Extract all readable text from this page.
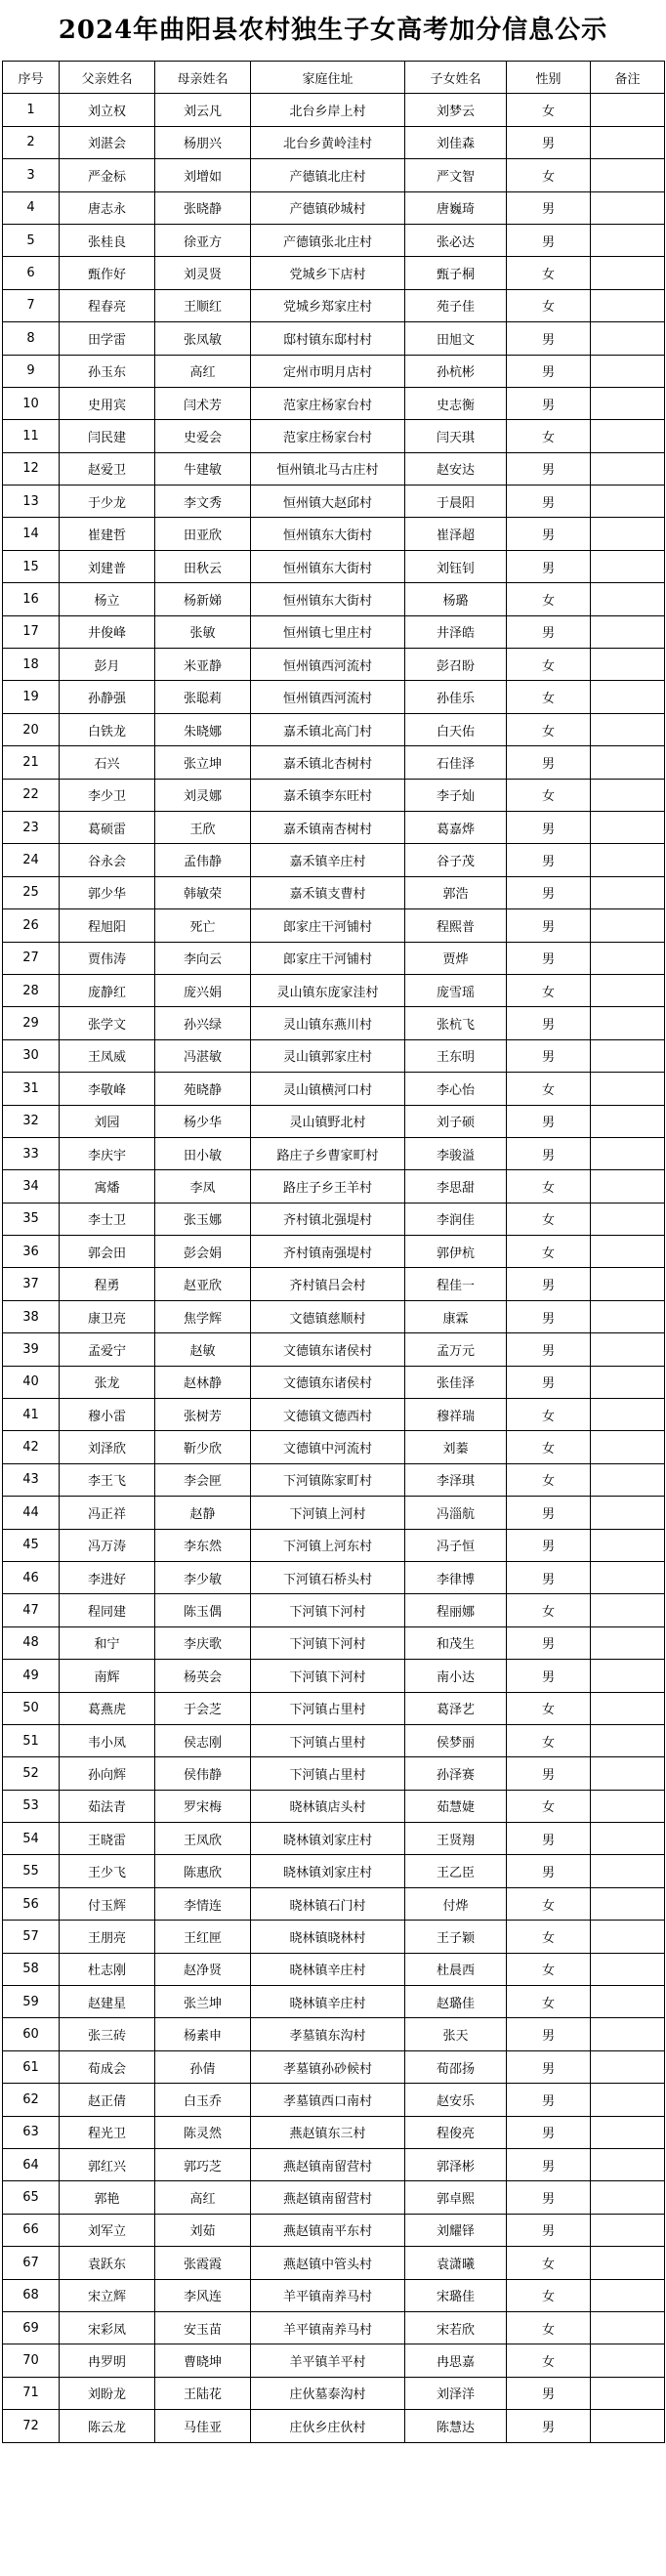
2024年曲阳县农村独生子女高考加分信息公示
序号	父亲姓名	母亲姓名	家庭住址	子女姓名	性别	备注
1	刘立权	刘云凡	北台乡岸上村	刘梦云	女	
2	刘湛会	杨朋兴	北台乡黄岭洼村	刘佳森	男	
3	严金标	刘增如	产德镇北庄村	严文智	女	
4	唐志永	张晓静	产德镇砂城村	唐巍琦	男	
5	张桂良	徐亚方	产德镇张北庄村	张必达	男	
6	甄作好	刘灵贤	党城乡下店村	甄子桐	女	
7	程春亮	王顺红	党城乡郑家庄村	苑子佳	女	
8	田学雷	张凤敏	邸村镇东邸村村	田旭文	男	
9	孙玉东	高红	定州市明月店村	孙杭彬	男	
10	史用宾	闫术芳	范家庄杨家台村	史志衡	男	
11	闫民建	史爱会	范家庄杨家台村	闫天琪	女	
12	赵爱卫	牛建敏	恒州镇北马古庄村	赵安达	男	
13	于少龙	李文秀	恒州镇大赵邱村	于晨阳	男	
14	崔建哲	田亚欣	恒州镇东大街村	崔泽超	男	
15	刘建普	田秋云	恒州镇东大街村	刘钰钊	男	
16	杨立	杨新娣	恒州镇东大街村	杨璐	女	
17	井俊峰	张敏	恒州镇七里庄村	井泽皓	男	
18	彭月	米亚静	恒州镇西河流村	彭召盼	女	
19	孙静强	张聪莉	恒州镇西河流村	孙佳乐	女	
20	白铁龙	朱晓娜	嘉禾镇北高门村	白天佑	女	
21	石兴	张立坤	嘉禾镇北杏树村	石佳泽	男	
22	李少卫	刘灵娜	嘉禾镇李东旺村	李子灿	女	
23	葛硕雷	王欣	嘉禾镇南杏树村	葛嘉烨	男	
24	谷永会	孟伟静	嘉禾镇辛庄村	谷子茂	男	
25	郭少华	韩敏荣	嘉禾镇支曹村	郭浩	男	
26	程旭阳	死亡	郎家庄干河铺村	程熙普	男	
27	贾伟涛	李向云	郎家庄干河铺村	贾烨	男	
28	庞静红	庞兴娟	灵山镇东庞家洼村	庞雪瑶	女	
29	张学文	孙兴绿	灵山镇东燕川村	张杭飞	男	
30	王凤威	冯湛敏	灵山镇郭家庄村	王东明	男	
31	李敬峰	苑晓静	灵山镇横河口村	李心怡	女	
32	刘园	杨少华	灵山镇野北村	刘子硕	男	
33	李庆宇	田小敏	路庄子乡曹家町村	李骏溢	男	
34	寓燔	李凤	路庄子乡王羊村	李思甜	女	
35	李士卫	张玉娜	齐村镇北强堤村	李润佳	女	
36	郭会田	彭会娟	齐村镇南强堤村	郭伊杭	女	
37	程勇	赵亚欣	齐村镇吕会村	程佳一	男	
38	康卫亮	焦学辉	文德镇慈顺村	康霖	男	
39	孟爱宁	赵敏	文德镇东诸侯村	孟万元	男	
40	张龙	赵林静	文德镇东诸侯村	张佳泽	男	
41	穆小雷	张树芳	文德镇文德西村	穆祥瑞	女	
42	刘泽欣	靳少欣	文德镇中河流村	刘蓁	女	
43	李王飞	李会匣	下河镇陈家町村	李泽琪	女	
44	冯正祥	赵静	下河镇上河村	冯淄航	男	
45	冯万涛	李东然	下河镇上河东村	冯子恒	男	
46	李进好	李少敏	下河镇石桥头村	李律博	男	
47	程同建	陈玉偶	下河镇下河村	程丽娜	女	
48	和宁	李庆歌	下河镇下河村	和茂生	男	
49	南辉	杨英会	下河镇下河村	南小达	男	
50	葛燕虎	于会芝	下河镇占里村	葛泽艺	女	
51	韦小凤	侯志刚	下河镇占里村	侯梦丽	女	
52	孙向辉	侯伟静	下河镇占里村	孙泽赛	男	
53	茹法青	罗宋梅	晓林镇店头村	茹慧婕	女	
54	王晓雷	王凤欣	晓林镇刘家庄村	王贤翔	男	
55	王少飞	陈惠欣	晓林镇刘家庄村	王乙臣	男	
56	付玉辉	李情连	晓林镇石门村	付烨	女	
57	王朋亮	王红匣	晓林镇晓林村	王子颖	女	
58	杜志刚	赵净贤	晓林镇辛庄村	杜晨西	女	
59	赵建星	张兰坤	晓林镇辛庄村	赵璐佳	女	
60	张三砖	杨素申	孝墓镇东沟村	张天	男	
61	荀成会	孙倩	孝墓镇孙砂候村	荀邵扬	男	
62	赵正倩	白玉乔	孝墓镇西口南村	赵安乐	男	
63	程光卫	陈灵然	燕赵镇东三村	程俊亮	男	
64	郭红兴	郭巧芝	燕赵镇南留营村	郭泽彬	男	
65	郭艳	高红	燕赵镇南留营村	郭卓熙	男	
66	刘军立	刘茹	燕赵镇南平东村	刘耀铎	男	
67	袁跃东	张霞霞	燕赵镇中管头村	袁潇曦	女	
68	宋立辉	李风连	羊平镇南养马村	宋璐佳	女	
69	宋彩凤	安玉苗	羊平镇南养马村	宋若欣	女	
70	冉罗明	曹晓坤	羊平镇羊平村	冉思嘉	女	
71	刘盼龙	王陆花	庄伙墓泰沟村	刘泽洋	男	
72	陈云龙	马佳亚	庄伙乡庄伙村	陈慧达	男	
